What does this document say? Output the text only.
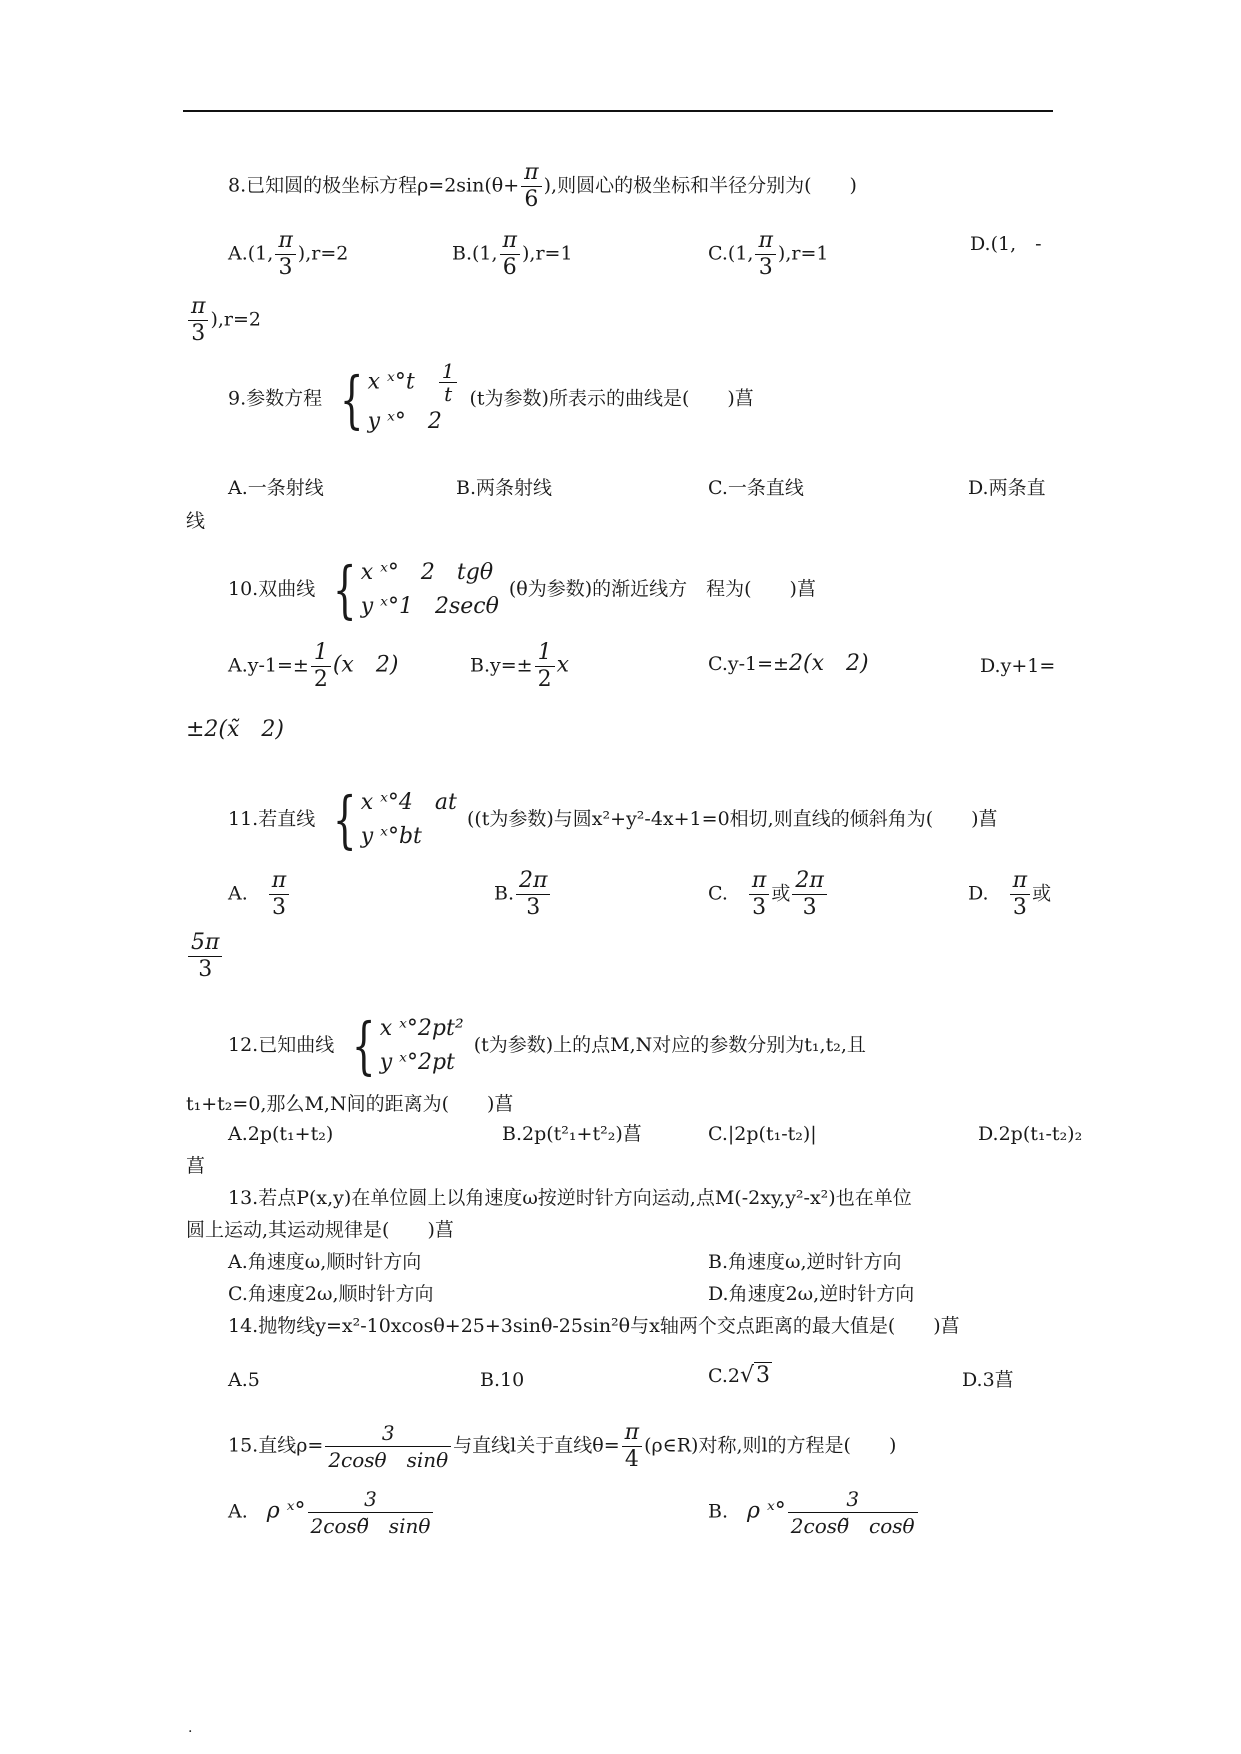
8.已知圆的极坐标方程$\rho=2\sin(\theta+ \frac{\pi}{6}$ ),则圆心的极坐标和半径分别为(　　)
A.(1, $\frac{\pi}{3} ),r=2$	B.(1, $\frac{\pi}{6} ),r=1$	C.(1, $\frac{\pi}{3} ),r=1$	D.(1,　-
$\frac{\pi}{3} ),r=2$
9.参数方程 { x ˣ°t　 $\frac{1}{t}$
y ˣ°　2
(t为参数)所表示的曲线是(　　)菖
A.一条射线	B.两条射线	C.一条直线	D.两条直
线
10.双曲线 { x ˣ°　2　tgθ
y ˣ°1　2secθ
(θ为参数)的渐近线方　程为(　　)菖
$A.y-1=\pm \frac{1}{2} (x$　2)	$B.y=\pm \frac{1}{2}$ x	C.y-1=±2(x　2)	D.y+1=
±2(x̃　2)
11.若直线 { x ˣ°4　at
y ˣ°bt
((t为参数)与圆x²+y²-4x+1=0相切,则直线的倾斜角为(　　)菖
A.　 $\frac{\pi}{3}$	B. $\frac{2\pi}{3}$	C.　 $\frac{\pi}{3}$ 或 $\frac{2\pi}{3}$	D.　 $\frac{\pi}{3}$ 或
$\frac{5\pi}{3}$
12.已知曲线 { x ˣ°2pt²
y ˣ°2pt
(t为参数)上的点M,N对应的参数分别为t₁,t₂,且
t₁+t₂=0,那么M,N间的距离为(　　)菖
A.2p(t₁+t₂)	B.2p(t²₁+t²₂)菖	C.|2p(t₁-t₂)|	D.2p(t₁-t₂)₂
菖
13.若点P(x,y)在单位圆上以角速度ω按逆时针方向运动,点M(-2xy,y²-x²)也在单位
圆上运动,其运动规律是(　　)菖
A.角速度ω,顺时针方向	B.角速度ω,逆时针方向
C.角速度2ω,顺时针方向	D.角速度2ω,逆时针方向
14.抛物线y=x²-10xcosθ+25+3sinθ-25sin²θ与x轴两个交点距离的最大值是(　　)菖
A.5	B.10	C.2√3	D.3菖
15.直线$\rho= \frac{3}{\text{2cosθ　sinθ}}$ 与直线l关于直线$\theta= \frac{\pi}{4}$ (ρ∈R)对称,则l的方程是(　　)
A.　 ρ ˣ° $\frac{3}{2\cos\thetã \sin\theta}$	B.　 ρ ˣ° $\frac{3}{2\cos\thetã \cos\theta}$
.
